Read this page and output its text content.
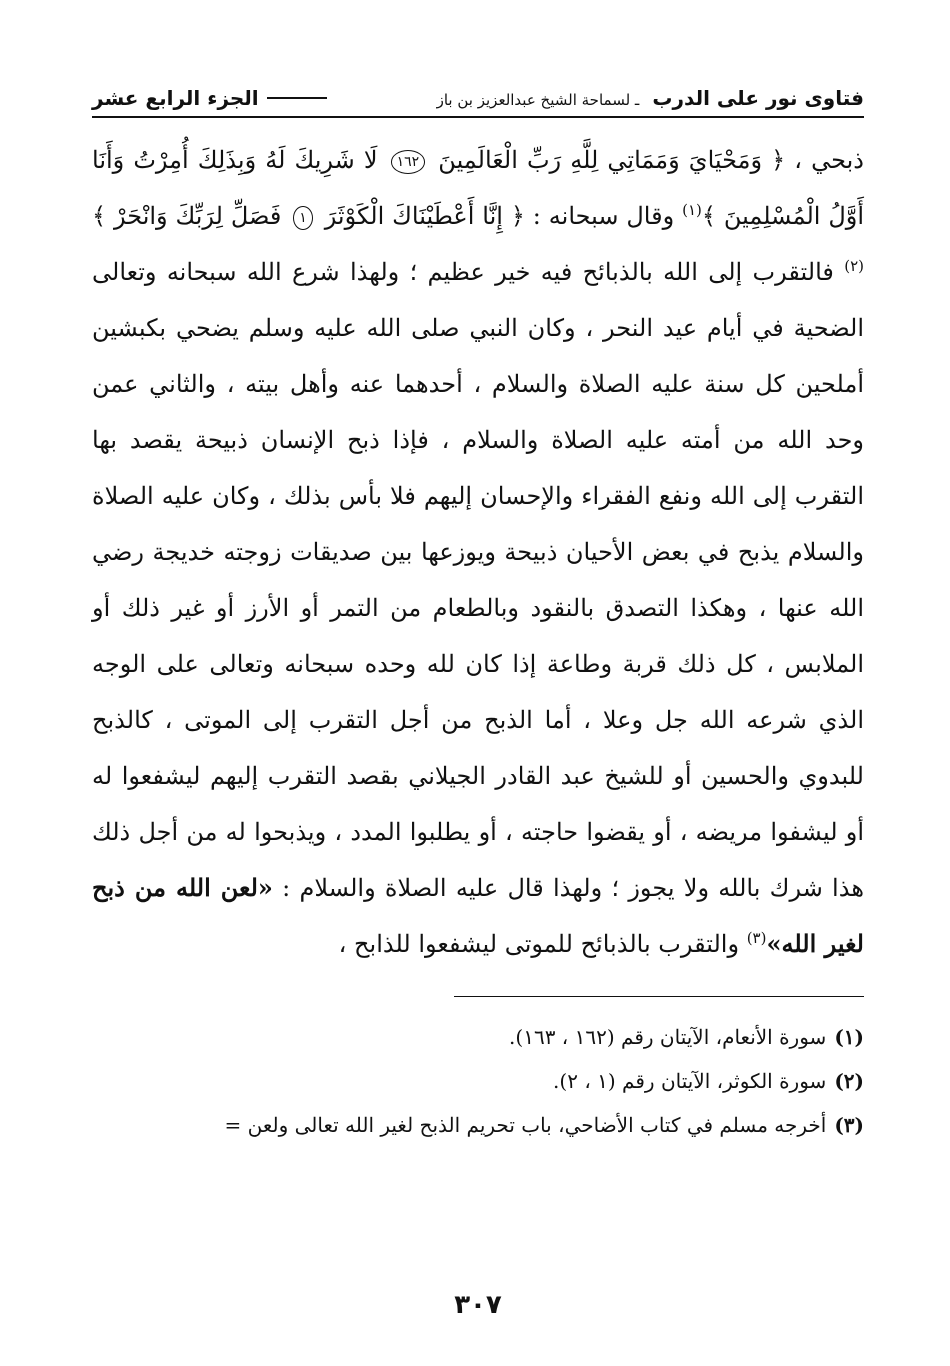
فتاوى نور على الدرب ـ لسماحة الشيخ عبدالعزيز بن باز
الجزء الرابع عشر

ذبحي ، ﴿ وَمَحْيَايَ وَمَمَاتِي لِلَّهِ رَبِّ الْعَالَمِينَ ١٦٢ لَا شَرِيكَ لَهُ وَبِذَلِكَ أُمِرْتُ وَأَنَا أَوَّلُ الْمُسْلِمِينَ ﴾$^{(١)}$ وقال سبحانه : ﴿ إِنَّا أَعْطَيْنَاكَ الْكَوْثَرَ ١ فَصَلِّ لِرَبِّكَ وَانْحَرْ ﴾$^{(٢)}$ فالتقرب إلى الله بالذبائح فيه خير عظيم ؛ ولهذا شرع الله سبحانه وتعالى الضحية في أيام عيد النحر ، وكان النبي صلى الله عليه وسلم يضحي بكبشين أملحين كل سنة عليه الصلاة والسلام ، أحدهما عنه وأهل بيته ، والثاني عمن وحد الله من أمته عليه الصلاة والسلام ، فإذا ذبح الإنسان ذبيحة يقصد بها التقرب إلى الله ونفع الفقراء والإحسان إليهم فلا بأس بذلك ، وكان عليه الصلاة والسلام يذبح في بعض الأحيان ذبيحة ويوزعها بين صديقات زوجته خديجة رضي الله عنها ، وهكذا التصدق بالنقود وبالطعام من التمر أو الأرز أو غير ذلك أو الملابس ، كل ذلك قربة وطاعة إذا كان لله وحده سبحانه وتعالى على الوجه الذي شرعه الله جل وعلا ، أما الذبح من أجل التقرب إلى الموتى ، كالذبح للبدوي والحسين أو للشيخ عبد القادر الجيلاني بقصد التقرب إليهم ليشفعوا له أو ليشفوا مريضه ، أو يقضوا حاجته ، أو يطلبوا المدد ، ويذبحوا له من أجل ذلك هذا شرك بالله ولا يجوز ؛ ولهذا قال عليه الصلاة والسلام : «لعن الله من ذبح لغير الله»$^{(٣)}$ والتقرب بالذبائح للموتى ليشفعوا للذابح ،

(١)
سورة الأنعام، الآيتان رقم (١٦٢ ، ١٦٣).
(٢)
سورة الكوثر، الآيتان رقم (١ ، ٢).
(٣)
أخرجه مسلم في كتاب الأضاحي، باب تحريم الذبح لغير الله تعالى ولعن =
٣٠٧
